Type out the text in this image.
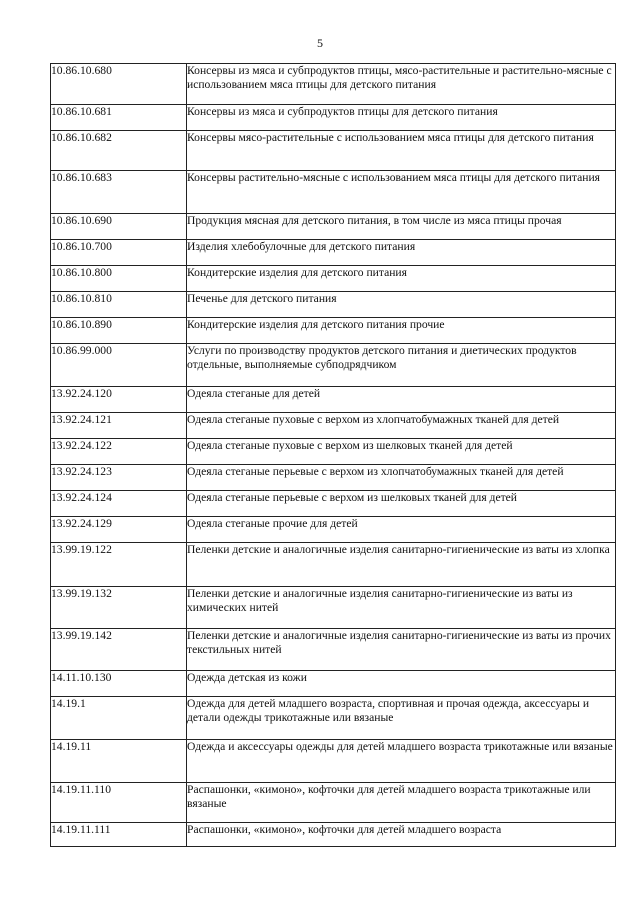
5
10.86.10.680	Консервы из мяса и субпродуктов птицы, мясо-растительные и растительно-мясные с использованием мяса птицы для детского питания
10.86.10.681	Консервы из мяса и субпродуктов птицы для детского питания
10.86.10.682	Консервы мясо-растительные с использованием мяса птицы для детского питания
10.86.10.683	Консервы растительно-мясные с использованием мяса птицы для детского питания
10.86.10.690	Продукция мясная для детского питания, в том числе из мяса птицы прочая
10.86.10.700	Изделия хлебобулочные для детского питания
10.86.10.800	Кондитерские изделия для детского питания
10.86.10.810	Печенье для детского питания
10.86.10.890	Кондитерские изделия для детского питания прочие
10.86.99.000	Услуги по производству продуктов детского питания и диетических продуктов отдельные, выполняемые субподрядчиком
13.92.24.120	Одеяла стеганые для детей
13.92.24.121	Одеяла стеганые пуховые с верхом из хлопчатобумажных тканей для детей
13.92.24.122	Одеяла стеганые пуховые с верхом из шелковых тканей для детей
13.92.24.123	Одеяла стеганые перьевые с верхом из хлопчатобумажных тканей для детей
13.92.24.124	Одеяла стеганые перьевые с верхом из шелковых тканей для детей
13.92.24.129	Одеяла стеганые прочие для детей
13.99.19.122	Пеленки детские и аналогичные изделия санитарно-гигиенические из ваты из хлопка
13.99.19.132	Пеленки детские и аналогичные изделия санитарно-гигиенические из ваты из химических нитей
13.99.19.142	Пеленки детские и аналогичные изделия санитарно-гигиенические из ваты из прочих текстильных нитей
14.11.10.130	Одежда детская из кожи
14.19.1	Одежда для детей младшего возраста, спортивная и прочая одежда, аксессуары и детали одежды трикотажные или вязаные
14.19.11	Одежда и аксессуары одежды для детей младшего возраста трикотажные или вязаные
14.19.11.110	Распашонки, «кимоно», кофточки для детей младшего возраста трикотажные или вязаные
14.19.11.111	Распашонки, «кимоно», кофточки для детей младшего возраста
